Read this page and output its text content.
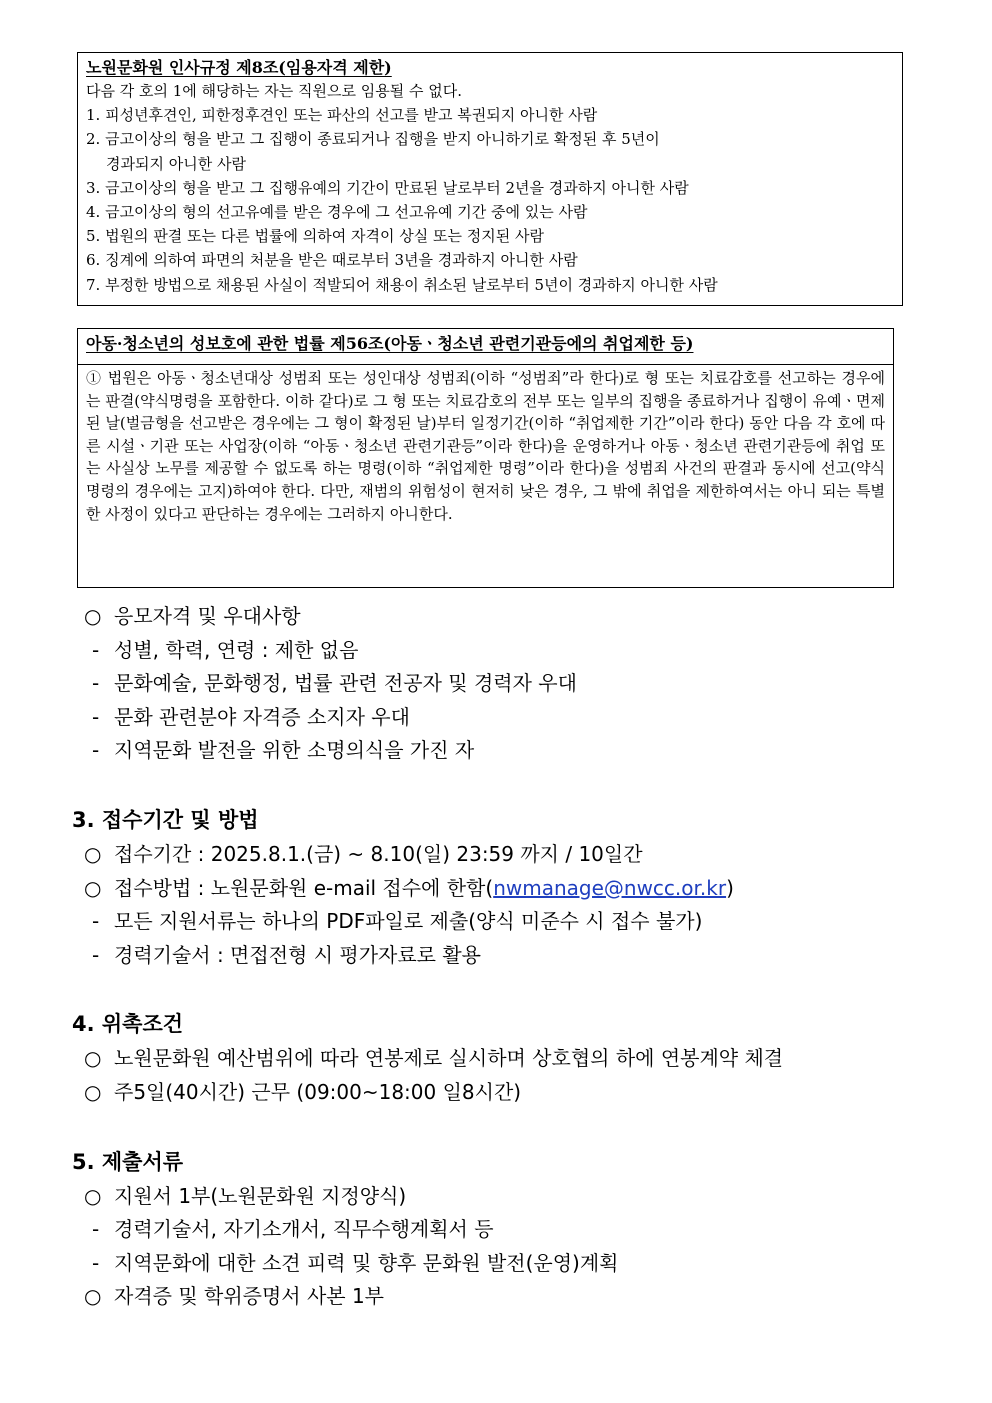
노원문화원 인사규정 제8조(임용자격 제한)
다음 각 호의 1에 해당하는 자는 직원으로 임용될 수 없다.
1. 피성년후견인, 피한정후견인 또는 파산의 선고를 받고 복권되지 아니한 사람
2. 금고이상의 형을 받고 그 집행이 종료되거나 집행을 받지 아니하기로 확정된 후 5년이
경과되지 아니한 사람
3. 금고이상의 형을 받고 그 집행유예의 기간이 만료된 날로부터 2년을 경과하지 아니한 사람
4. 금고이상의 형의 선고유예를 받은 경우에 그 선고유예 기간 중에 있는 사람
5. 법원의 판결 또는 다른 법률에 의하여 자격이 상실 또는 정지된 사람
6. 징계에 의하여 파면의 처분을 받은 때로부터 3년을 경과하지 아니한 사람
7. 부정한 방법으로 채용된 사실이 적발되어 채용이 취소된 날로부터 5년이 경과하지 아니한 사람
아동·청소년의 성보호에 관한 법률 제56조(아동ㆍ청소년 관련기관등에의 취업제한 등)
① 법원은 아동ㆍ청소년대상 성범죄 또는 성인대상 성범죄(이하 “성범죄”라 한다)로 형 또는 치료감호를 선고하는 경우에는 판결(약식명령을 포함한다. 이하 같다)로 그 형 또는 치료감호의 전부 또는 일부의 집행을 종료하거나 집행이 유예ㆍ면제된 날(벌금형을 선고받은 경우에는 그 형이 확정된 날)부터 일정기간(이하 “취업제한 기간”이라 한다) 동안 다음 각 호에 따른 시설ㆍ기관 또는 사업장(이하 “아동ㆍ청소년 관련기관등”이라 한다)을 운영하거나 아동ㆍ청소년 관련기관등에 취업 또는 사실상 노무를 제공할 수 없도록 하는 명령(이하 “취업제한 명령”이라 한다)을 성범죄 사건의 판결과 동시에 선고(약식명령의 경우에는 고지)하여야 한다. 다만, 재범의 위험성이 현저히 낮은 경우, 그 밖에 취업을 제한하여서는 아니 되는 특별한 사정이 있다고 판단하는 경우에는 그러하지 아니한다.
○ 응모자격 및 우대사항
- 성별, 학력, 연령 : 제한 없음
- 문화예술, 문화행정, 법률 관련 전공자 및 경력자 우대
- 문화 관련분야 자격증 소지자 우대
- 지역문화 발전을 위한 소명의식을 가진 자
3. 접수기간 및 방법
○ 접수기간 : 2025.8.1.(금) ~ 8.10(일) 23:59 까지 / 10일간
○ 접수방법 : 노원문화원 e-mail 접수에 한함(nwmanage@nwcc.or.kr)
- 모든 지원서류는 하나의 PDF파일로 제출(양식 미준수 시 접수 불가)
- 경력기술서 : 면접전형 시 평가자료로 활용
4. 위촉조건
○ 노원문화원 예산범위에 따라 연봉제로 실시하며 상호협의 하에 연봉계약 체결
○ 주5일(40시간) 근무 (09:00~18:00 일8시간)
5. 제출서류
○ 지원서 1부(노원문화원 지정양식)
- 경력기술서, 자기소개서, 직무수행계획서 등
- 지역문화에 대한 소견 피력 및 향후 문화원 발전(운영)계획
○ 자격증 및 학위증명서 사본 1부
